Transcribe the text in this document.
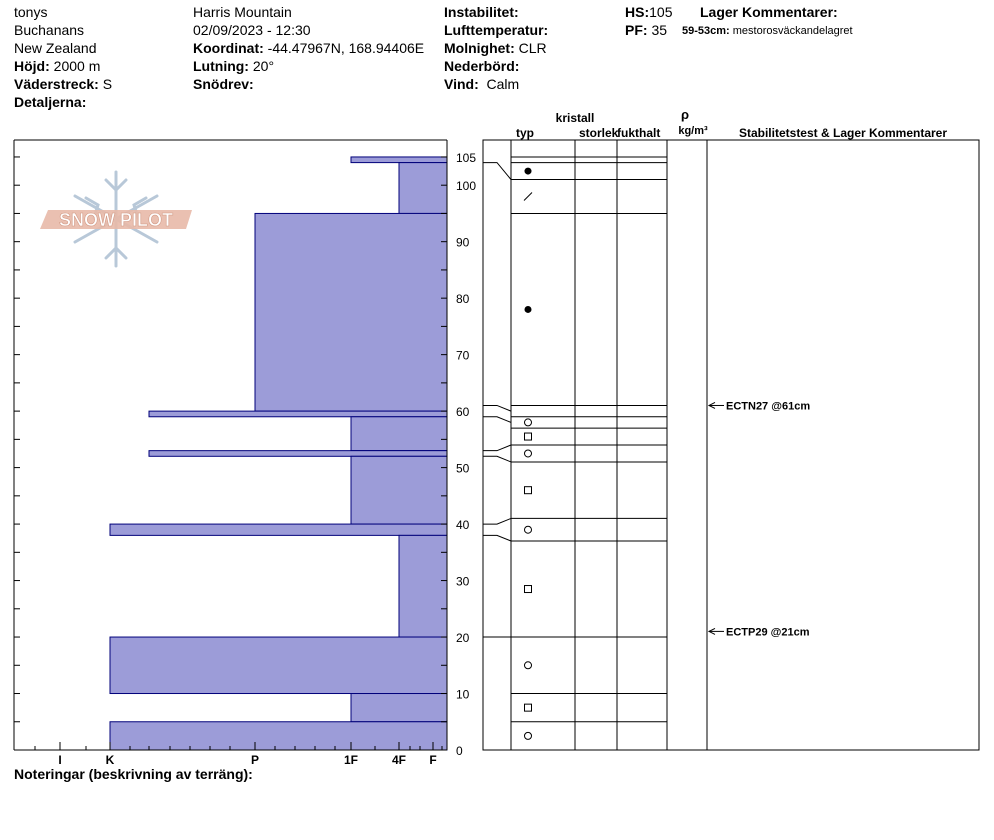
tonys
Buchanans
New Zealand
Höjd: 2000 m
Väderstreck: S
Detaljerna:
Harris Mountain
02/09/2023 - 12:30
Koordinat: -44.47967N, 168.94406E
Lutning: 20°
Snödrev:
Instabilitet:
Lufttemperatur:
Molnighet: CLR
Nederbörd:
Vind: Calm
HS:105
PF: 35
Lager Kommentarer:
59-53cm: mestorosväckandelagret
SNOW PILOT
I	K	P	1F	4F F
0
10
20
30
40
50
60
70
80
90
100
105
kristall
typ	storlek
fukthalt
ρ
kg/m³	Stabilitetstest & Lager Kommentarer
ECTN27 @61cm
ECTP29 @21cm
Noteringar (beskrivning av terräng):
